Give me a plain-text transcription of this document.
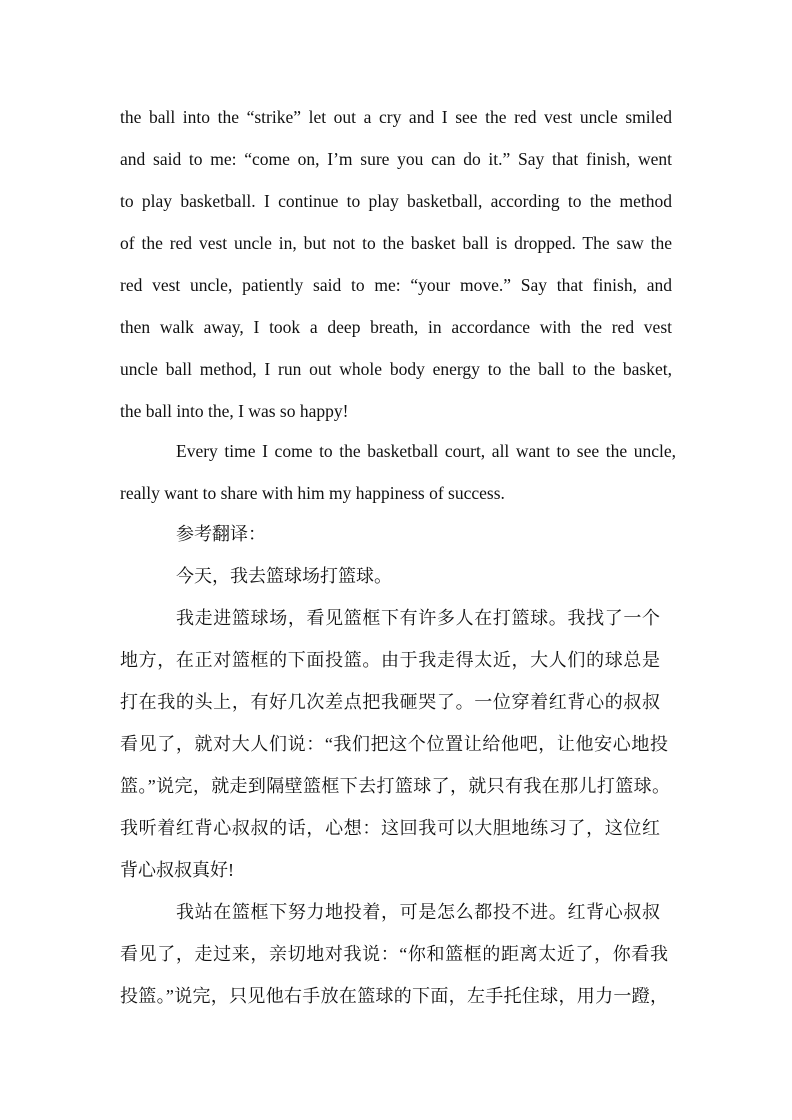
the ball into the “strike” let out a cry and I see the red vest uncle smiled
and said to me: “come on, I’m sure you can do it.” Say that finish, went
to play basketball. I continue to play basketball, according to the method
of the red vest uncle in, but not to the basket ball is dropped. The saw the
red vest uncle, patiently said to me: “your move.” Say that finish, and
then walk away, I took a deep breath, in accordance with the red vest
uncle ball method, I run out whole body energy to the ball to the basket,
the ball into the, I was so happy!
Every time I come to the basketball court, all want to see the uncle,
really want to share with him my happiness of success.
参考翻译：
今天，我去篮球场打篮球。
我走进篮球场，看见篮框下有许多人在打篮球。我找了一个
地方，在正对篮框的下面投篮。由于我走得太近，大人们的球总是
打在我的头上，有好几次差点把我砸哭了。一位穿着红背心的叔叔
看见了，就对大人们说：“我们把这个位置让给他吧，让他安心地投
篮。”说完，就走到隔壁篮框下去打篮球了，就只有我在那儿打篮球。
我听着红背心叔叔的话，心想：这回我可以大胆地练习了，这位红
背心叔叔真好!
我站在篮框下努力地投着，可是怎么都投不进。红背心叔叔
看见了，走过来，亲切地对我说：“你和篮框的距离太近了，你看我
投篮。”说完，只见他右手放在篮球的下面，左手托住球，用力一蹬，
